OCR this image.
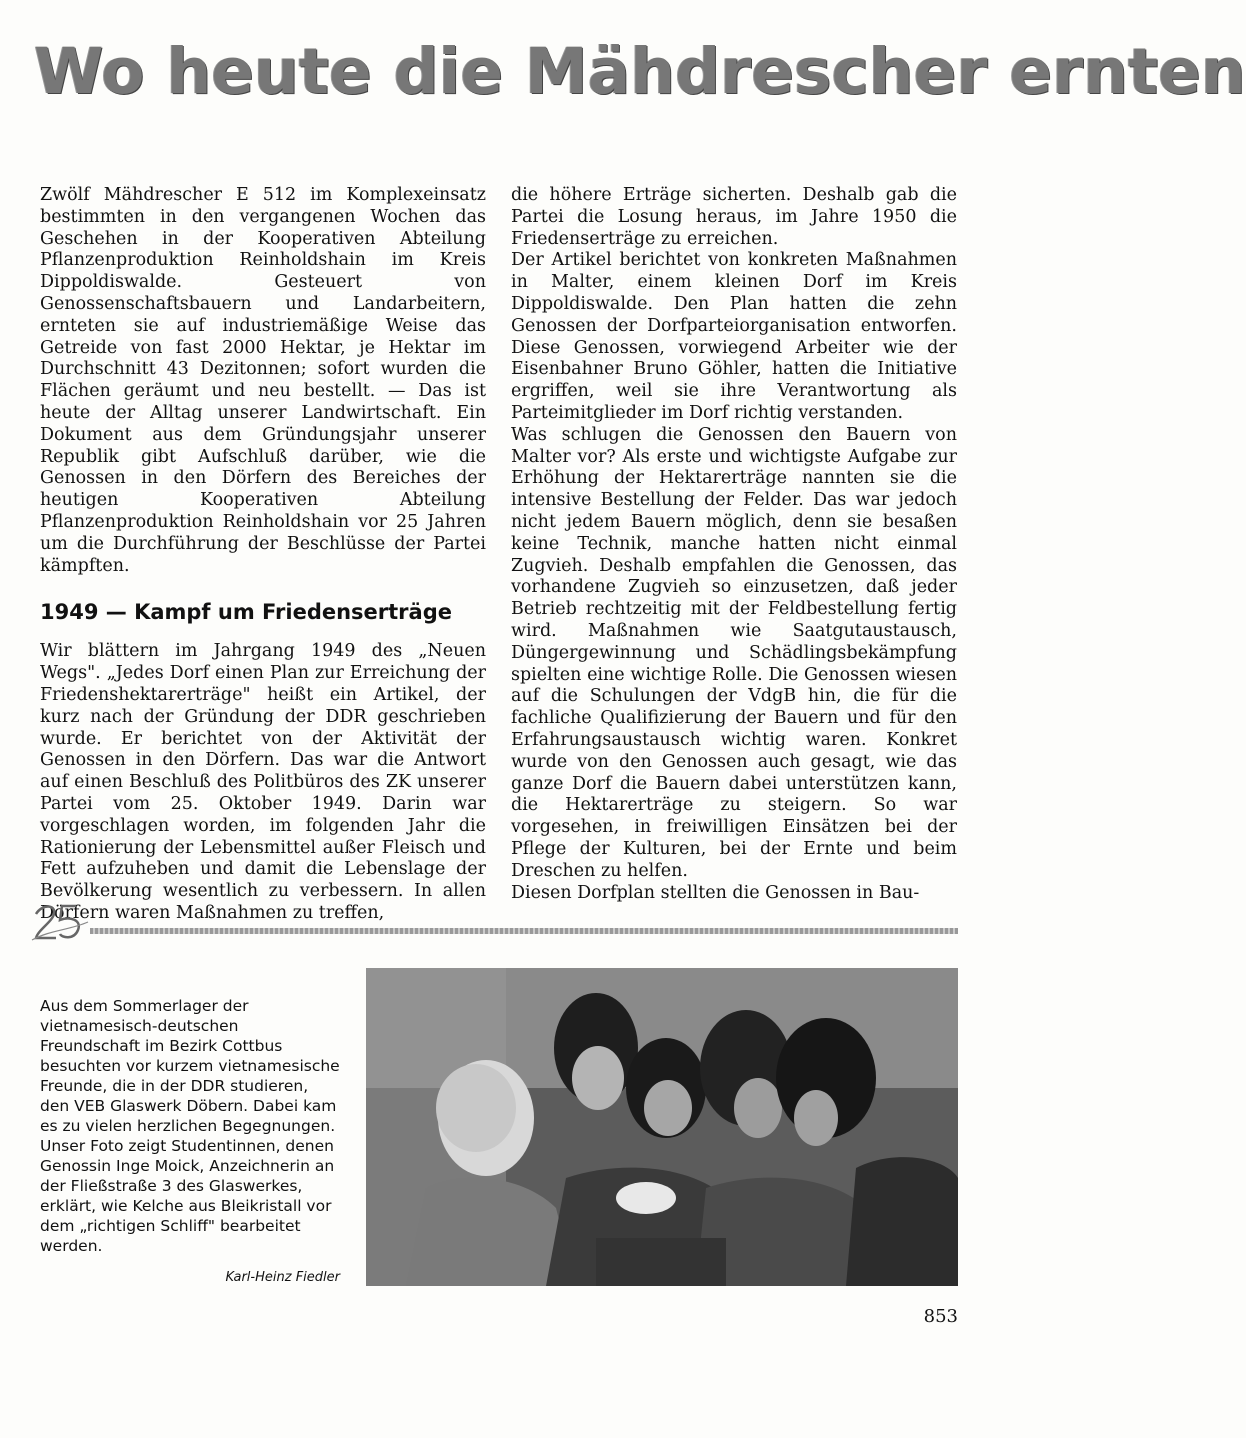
Wo heute die Mähdrescher ernten

Zwölf Mähdrescher E 512 im Komplexeinsatz bestimmten in den vergangenen Wochen das Geschehen in der Kooperativen Abteilung Pflanzenproduktion Reinholdshain im Kreis Dippoldiswalde. Gesteuert von Genossenschaftsbauern und Landarbeitern, ernteten sie auf industriemäßige Weise das Getreide von fast 2000 Hektar, je Hektar im Durchschnitt 43 Dezitonnen; sofort wurden die Flächen geräumt und neu bestellt. — Das ist heute der Alltag unserer Landwirtschaft. Ein Dokument aus dem Gründungsjahr unserer Republik gibt Aufschluß darüber, wie die Genossen in den Dörfern des Bereiches der heutigen Kooperativen Abteilung Pflanzenproduktion Reinholdshain vor 25 Jahren um die Durchführung der Beschlüsse der Partei kämpften.

1949 — Kampf um Friedenserträge

Wir blättern im Jahrgang 1949 des „Neuen Wegs". „Jedes Dorf einen Plan zur Erreichung der Friedenshektarerträge" heißt ein Artikel, der kurz nach der Gründung der DDR geschrieben wurde. Er berichtet von der Aktivität der Genossen in den Dörfern. Das war die Antwort auf einen Beschluß des Politbüros des ZK unserer Partei vom 25. Oktober 1949. Darin war vorgeschlagen worden, im folgenden Jahr die Rationierung der Lebensmittel außer Fleisch und Fett aufzuheben und damit die Lebenslage der Bevölkerung wesentlich zu verbessern. In allen Dörfern waren Maßnahmen zu treffen,

die höhere Erträge sicherten. Deshalb gab die Partei die Losung heraus, im Jahre 1950 die Friedenserträge zu erreichen.

Der Artikel berichtet von konkreten Maßnahmen in Malter, einem kleinen Dorf im Kreis Dippoldiswalde. Den Plan hatten die zehn Genossen der Dorfparteiorganisation entworfen. Diese Genossen, vorwiegend Arbeiter wie der Eisenbahner Bruno Göhler, hatten die Initiative ergriffen, weil sie ihre Verantwortung als Parteimitglieder im Dorf richtig verstanden.

Was schlugen die Genossen den Bauern von Malter vor? Als erste und wichtigste Aufgabe zur Erhöhung der Hektarerträge nannten sie die intensive Bestellung der Felder. Das war jedoch nicht jedem Bauern möglich, denn sie besaßen keine Technik, manche hatten nicht einmal Zugvieh. Deshalb empfahlen die Genossen, das vorhandene Zugvieh so einzusetzen, daß jeder Betrieb rechtzeitig mit der Feldbestellung fertig wird. Maßnahmen wie Saatgutaustausch, Düngergewinnung und Schädlingsbekämpfung spielten eine wichtige Rolle. Die Genossen wiesen auf die Schulungen der VdgB hin, die für die fachliche Qualifizierung der Bauern und für den Erfahrungsaustausch wichtig waren. Konkret wurde von den Genossen auch gesagt, wie das ganze Dorf die Bauern dabei unterstützen kann, die Hektarerträge zu steigern. So war vorgesehen, in freiwilligen Einsätzen bei der Pflege der Kulturen, bei der Ernte und beim Dreschen zu helfen.

Diesen Dorfplan stellten die Genossen in Bau-

Aus dem Sommerlager der vietnamesisch-deutschen Freundschaft im Bezirk Cottbus besuchten vor kurzem vietnamesische Freunde, die in der DDR studieren, den VEB Glaswerk Döbern. Dabei kam es zu vielen herzlichen Begegnungen. Unser Foto zeigt Studentinnen, denen Genossin Inge Moick, Anzeichnerin an der Fließstraße 3 des Glaswerkes, erklärt, wie Kelche aus Bleikristall vor dem „richtigen Schliff" bearbeitet werden.
Karl-Heinz Fiedler
853
